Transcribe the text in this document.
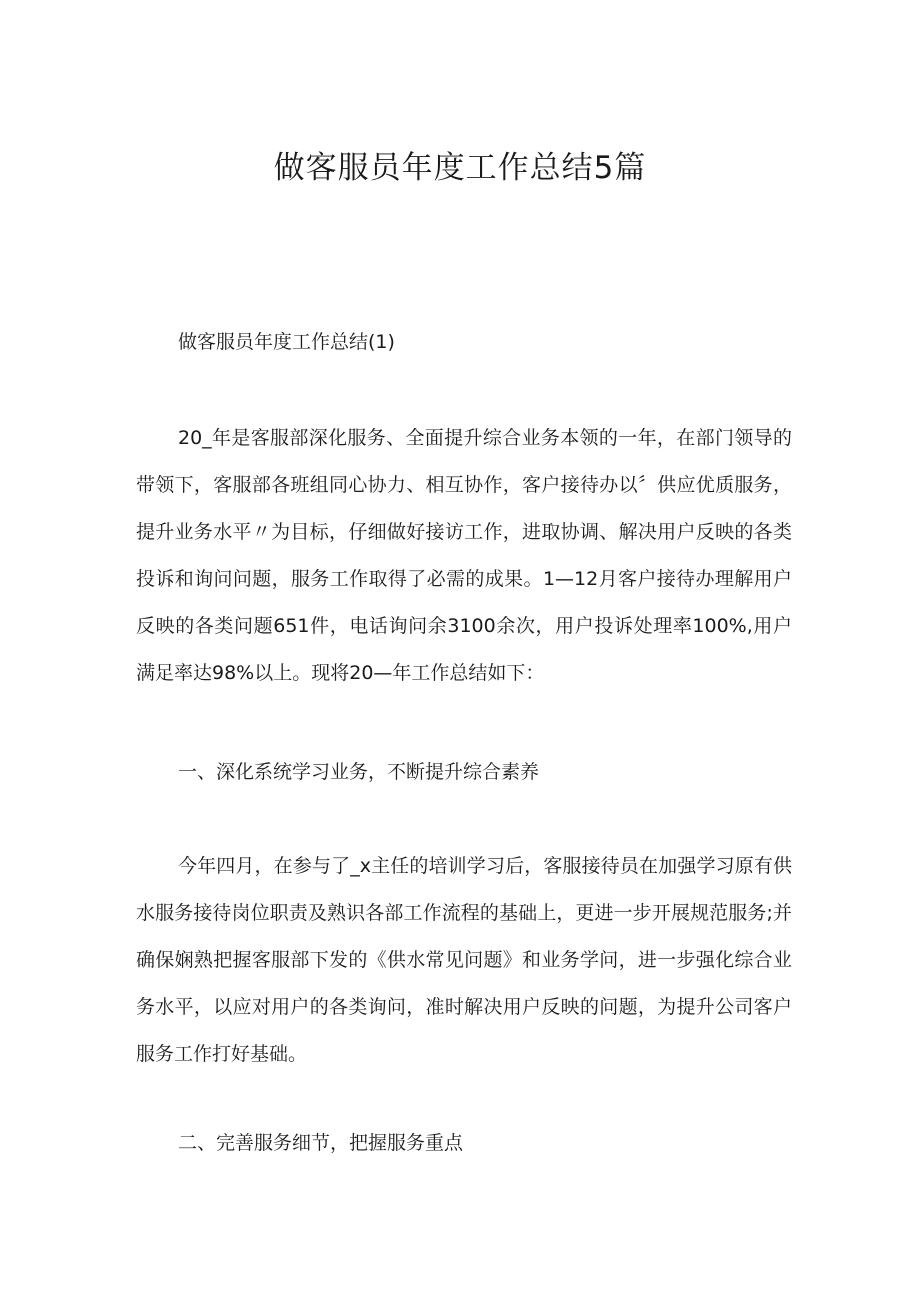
做客服员年度工作总结5篇

做客服员年度工作总结(1)

20_年是客服部深化服务、全面提升综合业务本领的一年，在部门领导的带领下，客服部各班组同心协力、相互协作，客户接待办以〞供应优质服务，提升业务水平〃为目标，仔细做好接访工作，进取协调、解决用户反映的各类投诉和询问问题，服务工作取得了必需的成果。1—12月客户接待办理解用户反映的各类问题651件，电话询问余3100余次，用户投诉处理率100%,用户满足率达98%以上。现将20—年工作总结如下：

一、深化系统学习业务，不断提升综合素养

今年四月，在参与了_x主任的培训学习后，客服接待员在加强学习原有供水服务接待岗位职责及熟识各部工作流程的基础上，更进一步开展规范服务;并确保娴熟把握客服部下发的《供水常见问题》和业务学问，进一步强化综合业务水平，以应对用户的各类询问，准时解决用户反映的问题，为提升公司客户服务工作打好基础。

二、完善服务细节，把握服务重点
